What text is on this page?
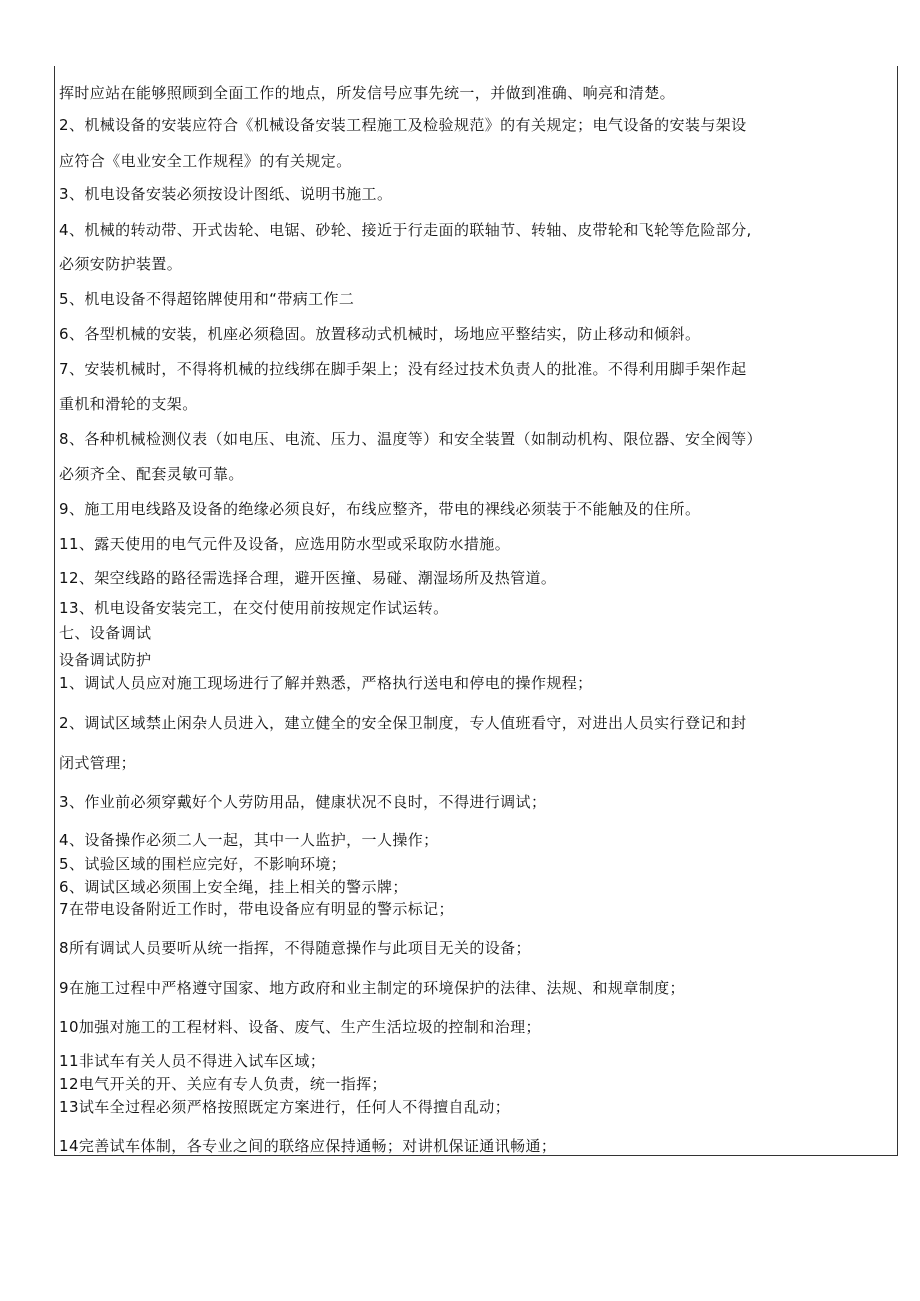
挥时应站在能够照顾到全面工作的地点，所发信号应事先统一，并做到准确、响亮和清楚。
2、机械设备的安装应符合《机械设备安装工程施工及检验规范》的有关规定；电气设备的安装与架设
应符合《电业安全工作规程》的有关规定。
3、机电设备安装必须按设计图纸、说明书施工。
4、机械的转动带、开式齿轮、电锯、砂轮、接近于行走面的联轴节、转轴、皮带轮和飞轮等危险部分,
必须安防护装置。
5、机电设备不得超铭牌使用和“带病工作二
6、各型机械的安装，机座必须稳固。放置移动式机械时，场地应平整结实，防止移动和倾斜。
7、安装机械时，不得将机械的拉线绑在脚手架上；没有经过技术负责人的批准。不得利用脚手架作起
重机和滑轮的支架。
8、各种机械检测仪表（如电压、电流、压力、温度等）和安全装置（如制动机构、限位器、安全阀等）
必须齐全、配套灵敏可靠。
9、施工用电线路及设备的绝缘必须良好，布线应整齐，带电的裸线必须装于不能触及的住所。
11、露天使用的电气元件及设备，应选用防水型或采取防水措施。
12、架空线路的路径需选择合理，避开医撞、易碰、潮湿场所及热管道。
13、机电设备安装完工，在交付使用前按规定作试运转。
七、设备调试
设备调试防护
1、调试人员应对施工现场进行了解并熟悉，严格执行送电和停电的操作规程；
2、调试区域禁止闲杂人员进入，建立健全的安全保卫制度，专人值班看守，对进出人员实行登记和封
闭式管理；
3、作业前必须穿戴好个人劳防用品，健康状况不良时，不得进行调试；
4、设备操作必须二人一起，其中一人监护，一人操作；
5、试验区域的围栏应完好，不影响环境；
6、调试区域必须围上安全绳，挂上相关的警示牌；
7在带电设备附近工作时，带电设备应有明显的警示标记；
8所有调试人员要听从统一指挥，不得随意操作与此项目无关的设备；
9在施工过程中严格遵守国家、地方政府和业主制定的环境保护的法律、法规、和规章制度；
10加强对施工的工程材料、设备、废气、生产生活垃圾的控制和治理；
11非试车有关人员不得进入试车区域；
12电气开关的开、关应有专人负责，统一指挥；
13试车全过程必须严格按照既定方案进行，任何人不得擅自乱动；
14完善试车体制，各专业之间的联络应保持通畅；对讲机保证通讯畅通；
